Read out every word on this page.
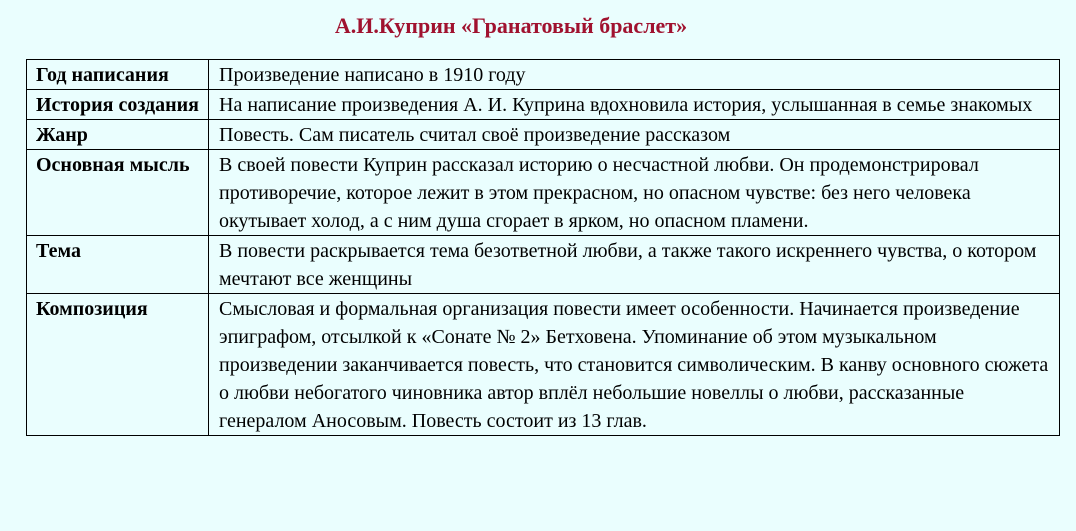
А.И.Куприн «Гранатовый браслет»
Год написания	Произведение написано в 1910 году
История создания	На написание произведения А. И. Куприна вдохновила история, услышанная в семье знакомых
Жанр	Повесть. Сам писатель считал своё произведение рассказом
Основная мысль	В своей повести Куприн рассказал историю о несчастной любви. Он продемонстрировал противоречие, которое лежит в этом прекрасном, но опасном чувстве: без него человека окутывает холод, а с ним душа сгорает в ярком, но опасном пламени.
Тема	В повести раскрывается тема безответной любви, а также такого искреннего чувства, о котором мечтают все женщины
Композиция	Смысловая и формальная организация повести имеет особенности. Начинается произведение эпиграфом, отсылкой к «Сонате № 2» Бетховена. Упоминание об этом музыкальном произведении заканчивается повесть, что становится символическим. В канву основного сюжета о любви небогатого чиновника автор вплёл небольшие новеллы о любви, рассказанные генералом Аносовым. Повесть состоит из 13 глав.
